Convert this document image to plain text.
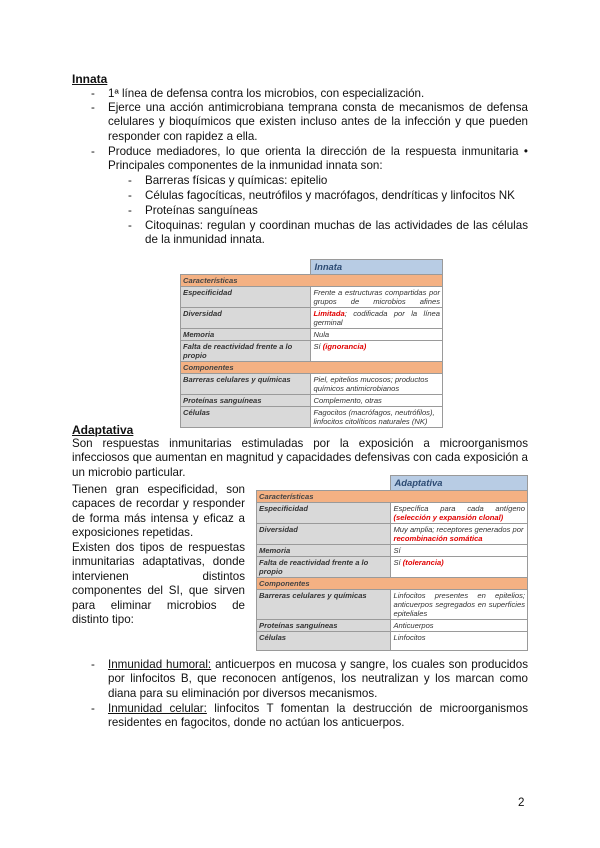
Innata
-	1ª línea de defensa contra los microbios, con especialización.
-	Ejerce una acción antimicrobiana temprana consta de mecanismos de defensa celulares y bioquímicos que existen incluso antes de la infección y que pueden responder con rapidez a ella.
-	Produce mediadores, lo que orienta la dirección de la respuesta inmunitaria • Principales componentes de la inmunidad innata son:
-	Barreras físicas y químicas: epitelio
-	Células fagocíticas, neutrófilos y macrófagos, dendríticas y linfocitos NK
-	Proteínas sanguíneas
-	Citoquinas: regulan y coordinan muchas de las actividades de las células de la inmunidad innata.
	Innata
Características	
Especificidad	Frente a estructuras compartidas por grupos de microbios afines
Diversidad	Limitada; codificada por la línea germinal
Memoria	Nula
Falta de reactividad frente a lo propio	Sí (ignorancia)
Componentes	
Barreras celulares y químicas	Piel, epitelios mucosos; productos químicos antimicrobianos
Proteínas sanguíneas	Complemento, otras
Células	Fagocitos (macrófagos, neutrófilos), linfocitos citolíticos naturales (NK)
Adaptativa
Son respuestas inmunitarias estimuladas por la exposición a microorganismos infecciosos que aumentan en magnitud y capacidades defensivas con cada exposición a un microbio particular.
Tienen gran especificidad, son capaces de recordar y responder de forma más intensa y eficaz a exposiciones repetidas.
Existen dos tipos de respuestas inmunitarias adaptativas, donde intervienen distintos componentes del SI, que sirven para eliminar microbios de distinto tipo:
	Adaptativa
Características	
Especificidad	Específica para cada antígeno
(selección y expansión clonal)
Diversidad	Muy amplia; receptores generados por recombinación somática
Memoria	Sí
Falta de reactividad frente a lo propio	Sí (tolerancia)
Componentes	
Barreras celulares y químicas	Linfocitos presentes en epitelios; anticuerpos segregados en superficies epiteliales
Proteínas sanguíneas	Anticuerpos
Células	Linfocitos
-	Inmunidad humoral: anticuerpos en mucosa y sangre, los cuales son producidos por linfocitos B, que reconocen antígenos, los neutralizan y los marcan como diana para su eliminación por diversos mecanismos.
-	Inmunidad celular: linfocitos T fomentan la destrucción de microorganismos residentes en fagocitos, donde no actúan los anticuerpos.
2
